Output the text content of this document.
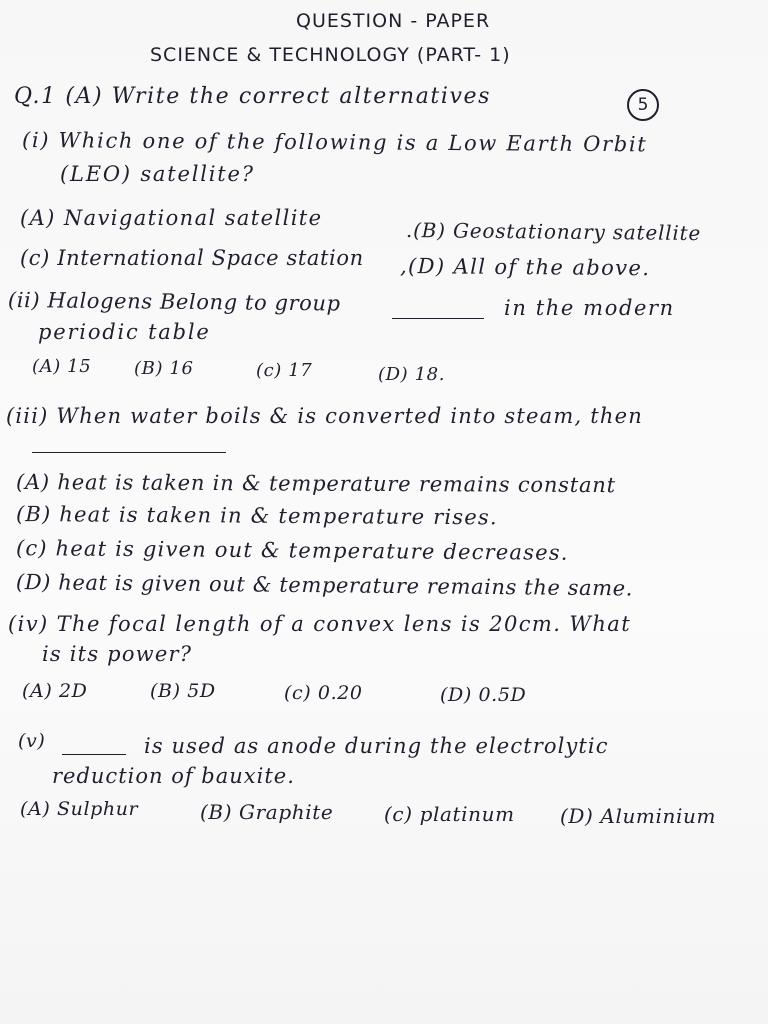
QUESTION - PAPER
SCIENCE & TECHNOLOGY (PART- 1)
Q.1 (A) Write the correct alternatives	5
(i) Which one of the following is a Low Earth Orbit
(LEO) satellite?
(A) Navigational satellite
.(B) Geostationary satellite
(c) International Space station ,(D) All of the above.
(ii) Halogens Belong to group	in the modern
periodic table
(A) 15 (B) 16	(c) 17	(D) 18.
(iii) When water boils & is converted into steam, then
(A) heat is taken in & temperature remains constant
(B) heat is taken in & temperature rises.
(c) heat is given out & temperature decreases.
(D) heat is given out & temperature remains the same.
(iv) The focal length of a convex lens is 20cm. What
is its power?
(A) 2D	(B) 5D	(c) 0.20	(D) 0.5D
(v)	is used as anode during the electrolytic
reduction of bauxite.
(A) Sulphur	(B) Graphite	(c) platinum (D) Aluminium
